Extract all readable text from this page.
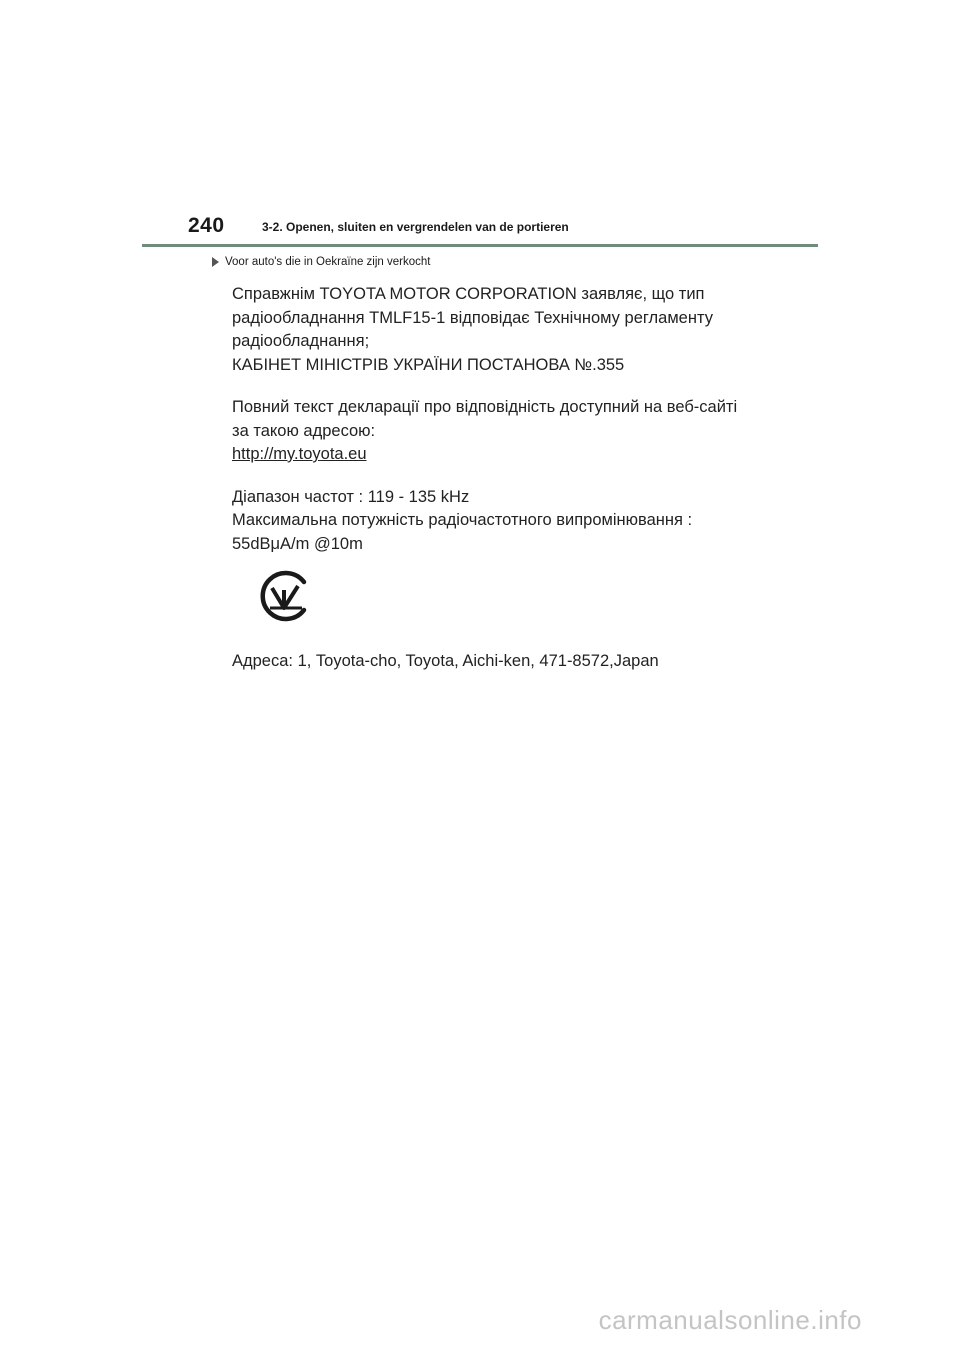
240	3-2. Openen, sluiten en vergrendelen van de portieren
Voor auto's die in Oekraïne zijn verkocht

Справжнім TOYOTA MOTOR CORPORATION заявляє, що тип

радіообладнання TMLF15-1 відповідає Технічному регламенту

радіообладнання;

КАБІНЕТ МІНІСТРІВ УКРАЇНИ ПОСТАНОВА №.355

Повний текст декларації про відповідність доступний на веб-сайті

за такою адресою:

http://my.toyota.eu

Діапазон частот : 119 - 135 kHz

Максимальна потужність радіочастотного випромінювання :

55dBμA/m @10m

Адреса: 1, Toyota-cho, Toyota, Aichi-ken, 471-8572,Japan
carmanualsonline.info
